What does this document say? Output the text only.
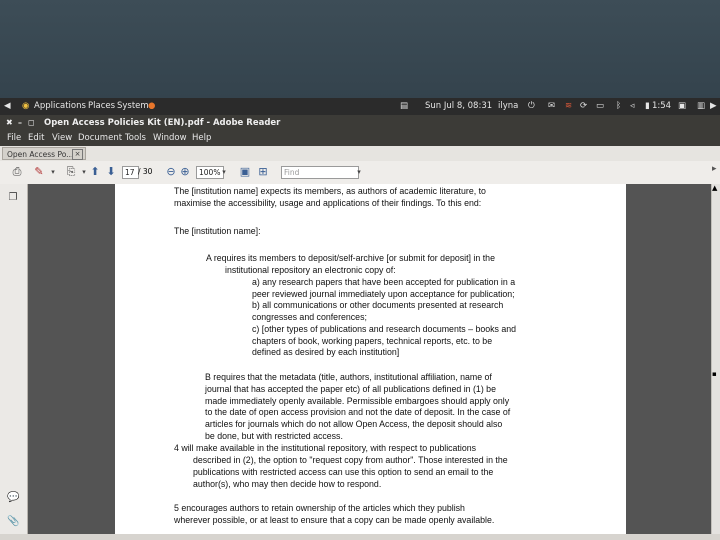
◀ ◉ Applications Places System ●	▤ Sun Jul 8, 08:31 ilyna ⏻ ✉ ≋ ⟳ ▭ ᛒ ◃ ▮ 1:54 ▣ ▥ ▶
✖ – ◻ Open Access Policies Kit (EN).pdf - Adobe Reader
File Edit View Document Tools Window Help
Open Access Po... ×
⎙ ✎	▾	⎘ ▾ ⬆ ⬇	17 / 30 ⊖ ⊕	100% ▾	▣ ⊞	Find	▾	▸
❐
💬
📎
The [institution name] expects its members, as authors of academic literature, to
maximise the accessibility, usage and applications of their findings. To this end:
The [institution name]:
A requires its members to deposit/self-archive [or submit for deposit] in the
institutional repository an electronic copy of:
a) any research papers that have been accepted for publication in a
peer reviewed journal immediately upon acceptance for publication;
b) all communications or other documents presented at research
congresses and conferences;
c) [other types of publications and research documents – books and
chapters of book, working papers, technical reports, etc. to be
defined as desired by each institution]
B requires that the metadata (title, authors, institutional affiliation, name of
journal that has accepted the paper etc) of all publications defined in (1) be
made immediately openly available. Permissible embargoes should apply only
to the date of open access provision and not the date of deposit. In the case of
articles for journals which do not allow Open Access, the deposit should also
be done, but with restricted access.
4 will make available in the institutional repository, with respect to publications
described in (2), the option to "request copy from author". Those interested in the
publications with restricted access can use this option to send an email to the
author(s), who may then decide how to respond.
5 encourages authors to retain ownership of the articles which they publish
wherever possible, or at least to ensure that a copy can be made openly available.
▲
▪
